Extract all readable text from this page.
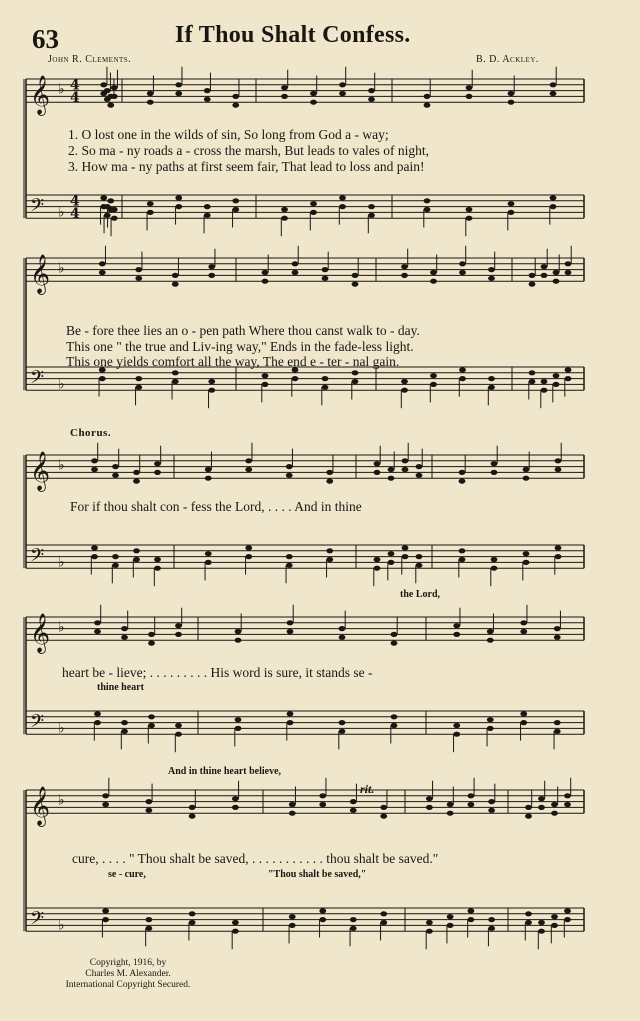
63	If Thou Shalt Confess.
John R. Clements.	B. D. Ackley.
𝄞 ♭
4
4
𝄢 ♭ 4
4
𝄞 ♭
𝄢 ♭
𝄞 ♭
𝄢 ♭
𝄞 ♭
𝄢 ♭
𝄞 ♭
𝄢 ♭
1. O lost one in the wilds of sin, So long from God a - way;
2. So ma - ny roads a - cross the marsh, But leads to vales of night,
3. How ma - ny paths at first seem fair, That lead to loss and pain!
Be - fore thee lies an o - pen path Where thou canst walk to - day.
This one " the true and Liv-ing way," Ends in the fade-less light.
This one yields comfort all the way, The end e - ter - nal gain.
Chorus.
For if thou shalt con - fess the Lord, . . . . And in thine
the Lord,
heart be - lieve; . . . . . . . . . His word is sure, it stands se -
thine heart
And in thine heart believe,
rit.
cure, . . . . " Thou shalt be saved, . . . . . . . . . . . thou shalt be saved."
se - cure,	"Thou shalt be saved,"
Copyright, 1916, by
Charles M. Alexander.
International Copyright Secured.
